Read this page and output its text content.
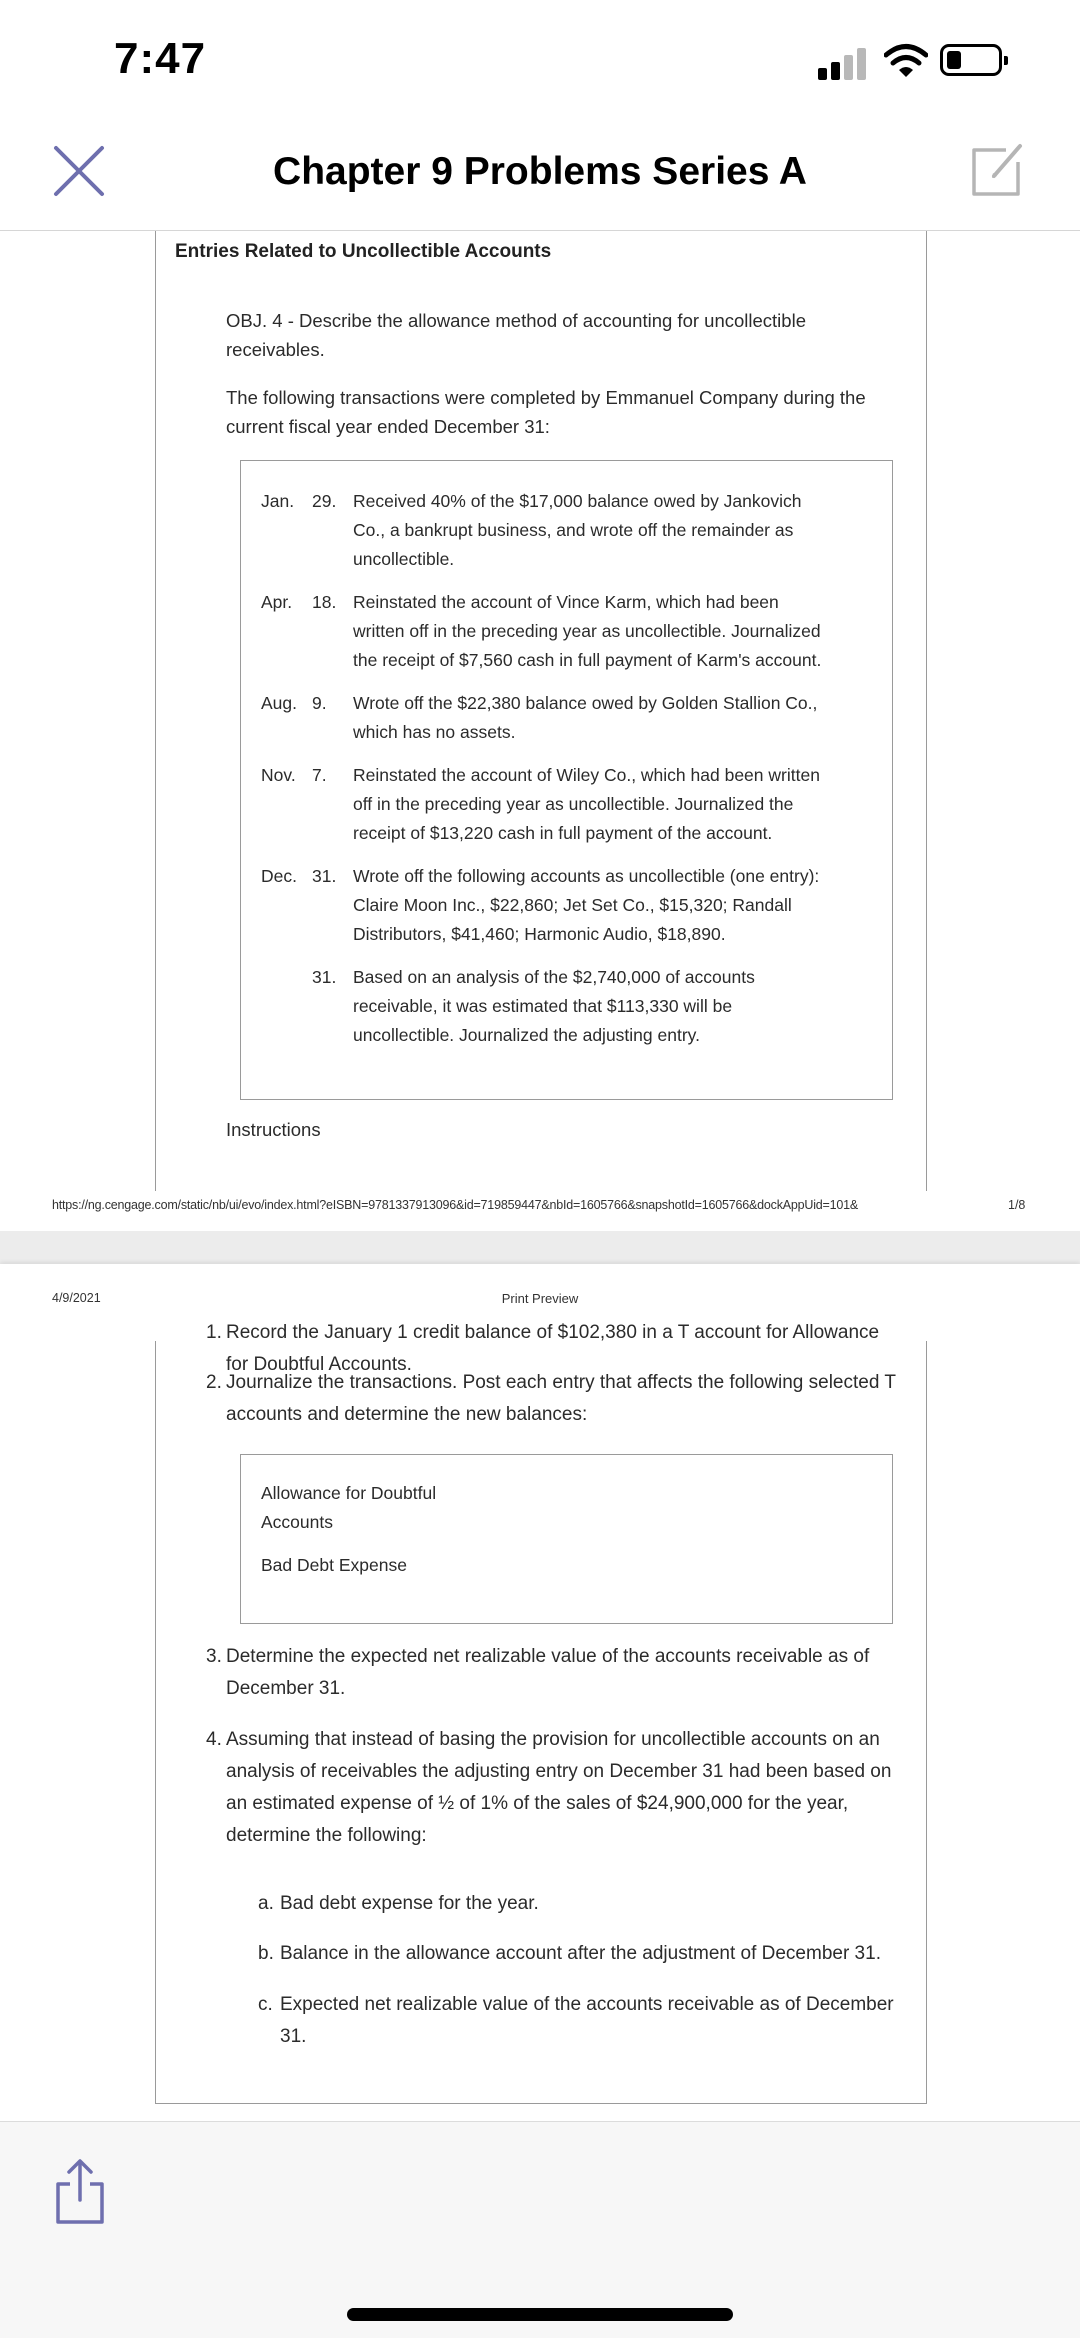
7:47
Chapter 9 Problems Series A
Entries Related to Uncollectible Accounts
OBJ. 4 - Describe the allowance method of accounting for uncollectible
receivables.
The following transactions were completed by Emmanuel Company during the
current fiscal year ended December 31:
Jan. 29. Received 40% of the $17,000 balance owed by Jankovich
Co., a bankrupt business, and wrote off the remainder as
uncollectible.
Apr. 18. Reinstated the account of Vince Karm, which had been
written off in the preceding year as uncollectible. Journalized
the receipt of $7,560 cash in full payment of Karm's account.
Aug. 9. Wrote off the $22,380 balance owed by Golden Stallion Co.,
which has no assets.
Nov. 7. Reinstated the account of Wiley Co., which had been written
off in the preceding year as uncollectible. Journalized the
receipt of $13,220 cash in full payment of the account.
Dec. 31. Wrote off the following accounts as uncollectible (one entry):
Claire Moon Inc., $22,860; Jet Set Co., $15,320; Randall
Distributors, $41,460; Harmonic Audio, $18,890.
31. Based on an analysis of the $2,740,000 of accounts
receivable, it was estimated that $113,330 will be
uncollectible. Journalized the adjusting entry.
Instructions
https://ng.cengage.com/static/nb/ui/evo/index.html?eISBN=9781337913096&id=719859447&nbId=1605766&snapshotId=1605766&dockAppUid=101&	1/8
4/9/2021	Print Preview
1. Record the January 1 credit balance of $102,380 in a T account for Allowance
for Doubtful Accounts.
2. Journalize the transactions. Post each entry that affects the following selected T
accounts and determine the new balances:
Allowance for Doubtful
Accounts
Bad Debt Expense
3. Determine the expected net realizable value of the accounts receivable as of
December 31.
4. Assuming that instead of basing the provision for uncollectible accounts on an
analysis of receivables the adjusting entry on December 31 had been based on
an estimated expense of ½ of 1% of the sales of $24,900,000 for the year,
determine the following:
a. Bad debt expense for the year.
b. Balance in the allowance account after the adjustment of December 31.
c. Expected net realizable value of the accounts receivable as of December
31.
